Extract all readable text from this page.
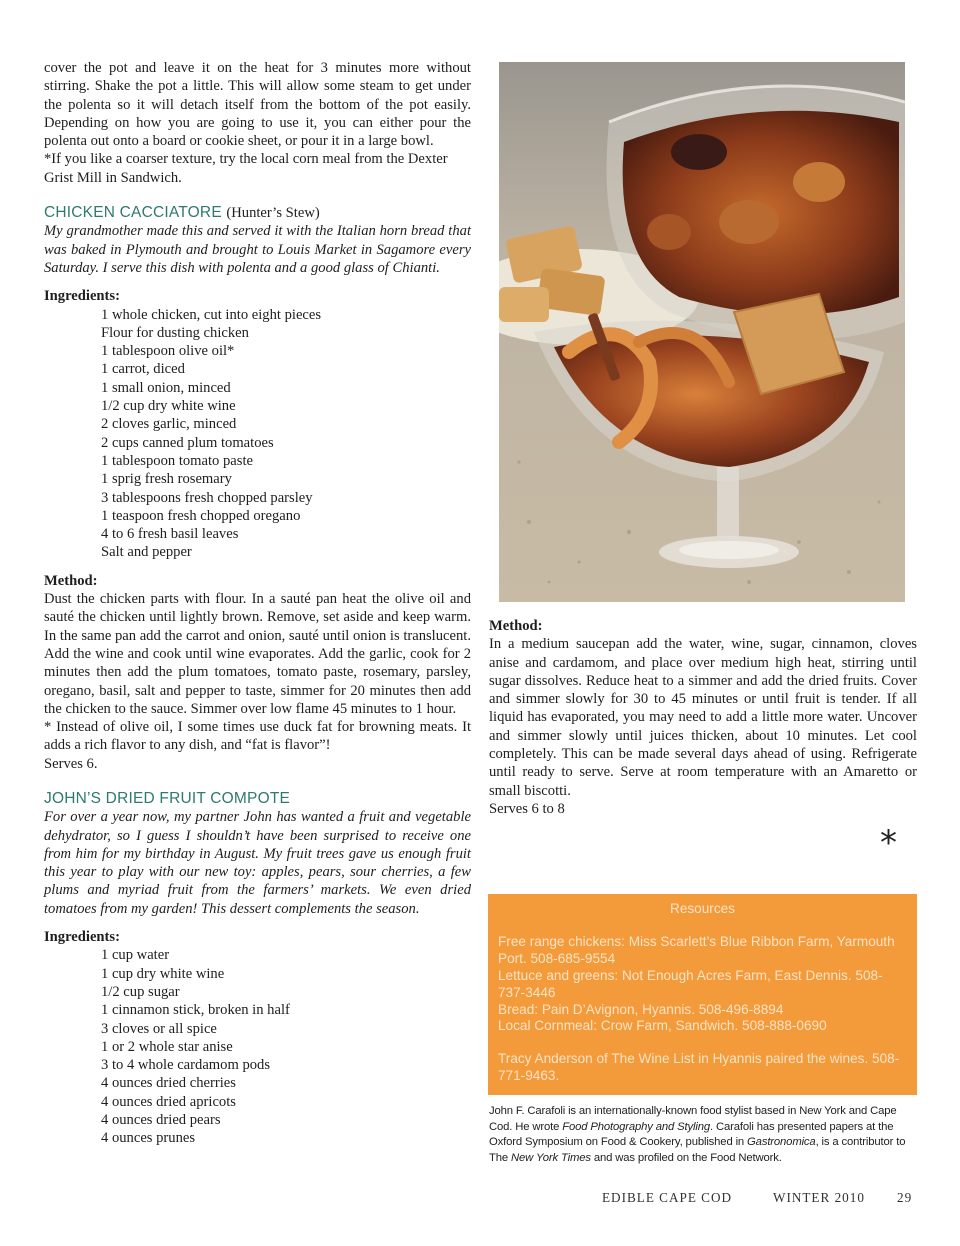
cover the pot and leave it on the heat for 3 minutes more without stirring. Shake the pot a little. This will allow some steam to get under the polenta so it will detach itself from the bottom of the pot easily. Depending on how you are going to use it, you can either pour the polenta out onto a board or cookie sheet, or pour it in a large bowl.

*If you like a coarser texture, try the local corn meal from the Dexter Grist Mill in Sandwich.

CHICKEN CACCIATORE (Hunter’s Stew)

My grandmother made this and served it with the Italian horn bread that was baked in Plymouth and brought to Louis Market in Sagamore every Saturday. I serve this dish with polenta and a good glass of Chianti.

Ingredients:
1 whole chicken, cut into eight pieces
Flour for dusting chicken
1 tablespoon olive oil*
1 carrot, diced
1 small onion, minced
1/2 cup dry white wine
2 cloves garlic, minced
2 cups canned plum tomatoes
1 tablespoon tomato paste
1 sprig fresh rosemary
3 tablespoons fresh chopped parsley
1 teaspoon fresh chopped oregano
4 to 6 fresh basil leaves
Salt and pepper
Method:

Dust the chicken parts with flour. In a sauté pan heat the olive oil and sauté the chicken until lightly brown. Remove, set aside and keep warm. In the same pan add the carrot and onion, sauté until onion is translucent. Add the wine and cook until wine evaporates. Add the garlic, cook for 2 minutes then add the plum tomatoes, tomato paste, rosemary, parsley, oregano, basil, salt and pepper to taste, simmer for 20 minutes then add the chicken to the sauce. Simmer over low flame 45 minutes to 1 hour.

* Instead of olive oil, I some times use duck fat for browning meats. It adds a rich flavor to any dish, and “fat is flavor”!

Serves 6.

JOHN’S DRIED FRUIT COMPOTE

For over a year now, my partner John has wanted a fruit and vegetable dehydrator, so I guess I shouldn’t have been surprised to receive one from him for my birthday in August. My fruit trees gave us enough fruit this year to play with our new toy: apples, pears, sour cherries, a few plums and myriad fruit from the farmers’ markets. We even dried tomatoes from my garden! This dessert complements the season.

Ingredients:
1 cup water
1 cup dry white wine
1/2 cup sugar
1 cinnamon stick, broken in half
3 cloves or all spice
1 or 2 whole star anise
3 to 4 whole cardamom pods
4 ounces dried cherries
4 ounces dried apricots
4 ounces dried pears
4 ounces prunes
Method:

In a medium saucepan add the water, wine, sugar, cinnamon, cloves anise and cardamom, and place over medium high heat, stirring until sugar dissolves. Reduce heat to a simmer and add the dried fruits. Cover and simmer slowly for 30 to 45 minutes or until fruit is tender. If all liquid has evaporated, you may need to add a little more water. Uncover and simmer slowly until juices thicken, about 10 minutes. Let cool completely. This can be made several days ahead of using. Refrigerate until ready to serve. Serve at room temperature with an Amaretto or small biscotti.

Serves 6 to 8

*
Resources
Free range chickens: Miss Scarlett’s Blue Ribbon Farm, Yarmouth Port. 508-685-9554
Lettuce and greens: Not Enough Acres Farm, East Dennis. 508-737-3446
Bread: Pain D’Avignon, Hyannis. 508-496-8894
Local Cornmeal: Crow Farm, Sandwich. 508-888-0690
Tracy Anderson of The Wine List in Hyannis paired the wines. 508-771-9463.
John F. Carafoli is an internationally-known food stylist based in New York and Cape Cod. He wrote Food Photography and Styling. Carafoli has presented papers at the Oxford Symposium on Food & Cookery, published in Gastronomica, is a contributor to The New York Times and was profiled on the Food Network.
EDIBLE CAPE COD	WINTER 2010 29
